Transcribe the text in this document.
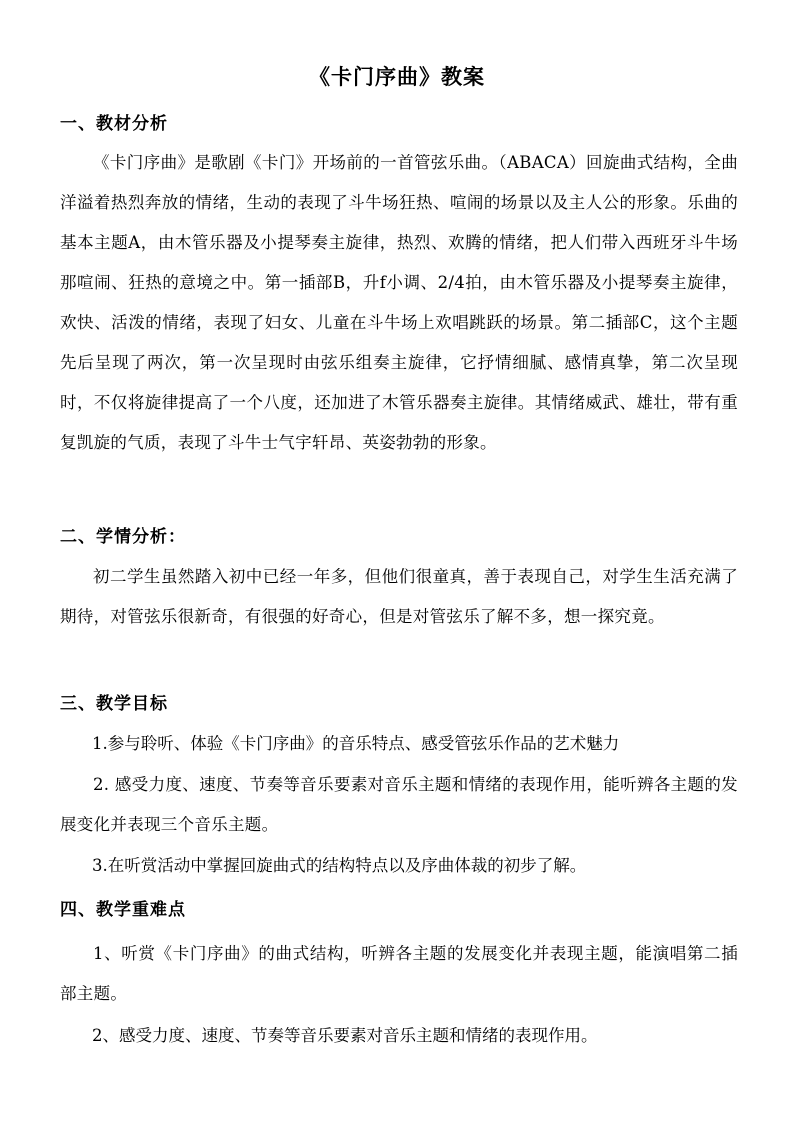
《卡门序曲》教案
一、教材分析
《卡门序曲》是歌剧《卡门》开场前的一首管弦乐曲。（ABACA）回旋曲式结构，全曲洋溢着热烈奔放的情绪，生动的表现了斗牛场狂热、喧闹的场景以及主人公的形象。乐曲的基本主题A，由木管乐器及小提琴奏主旋律，热烈、欢腾的情绪，把人们带入西班牙斗牛场那喧闹、狂热的意境之中。第一插部B，升f小调、2/4拍，由木管乐器及小提琴奏主旋律，欢快、活泼的情绪，表现了妇女、儿童在斗牛场上欢唱跳跃的场景。第二插部C，这个主题先后呈现了两次，第一次呈现时由弦乐组奏主旋律，它抒情细腻、感情真挚，第二次呈现时，不仅将旋律提高了一个八度，还加进了木管乐器奏主旋律。其情绪威武、雄壮，带有重复凯旋的气质，表现了斗牛士气宇轩昂、英姿勃勃的形象。
二、学情分析：
初二学生虽然踏入初中已经一年多，但他们很童真，善于表现自己，对学生生活充满了期待，对管弦乐很新奇，有很强的好奇心，但是对管弦乐了解不多，想一探究竟。
三、教学目标
1.参与聆听、体验《卡门序曲》的音乐特点、感受管弦乐作品的艺术魅力
2. 感受力度、速度、节奏等音乐要素对音乐主题和情绪的表现作用，能听辨各主题的发展变化并表现三个音乐主题。
3.在听赏活动中掌握回旋曲式的结构特点以及序曲体裁的初步了解。
四、教学重难点
1、听赏《卡门序曲》的曲式结构，听辨各主题的发展变化并表现主题，能演唱第二插部主题。
2、感受力度、速度、节奏等音乐要素对音乐主题和情绪的表现作用。
